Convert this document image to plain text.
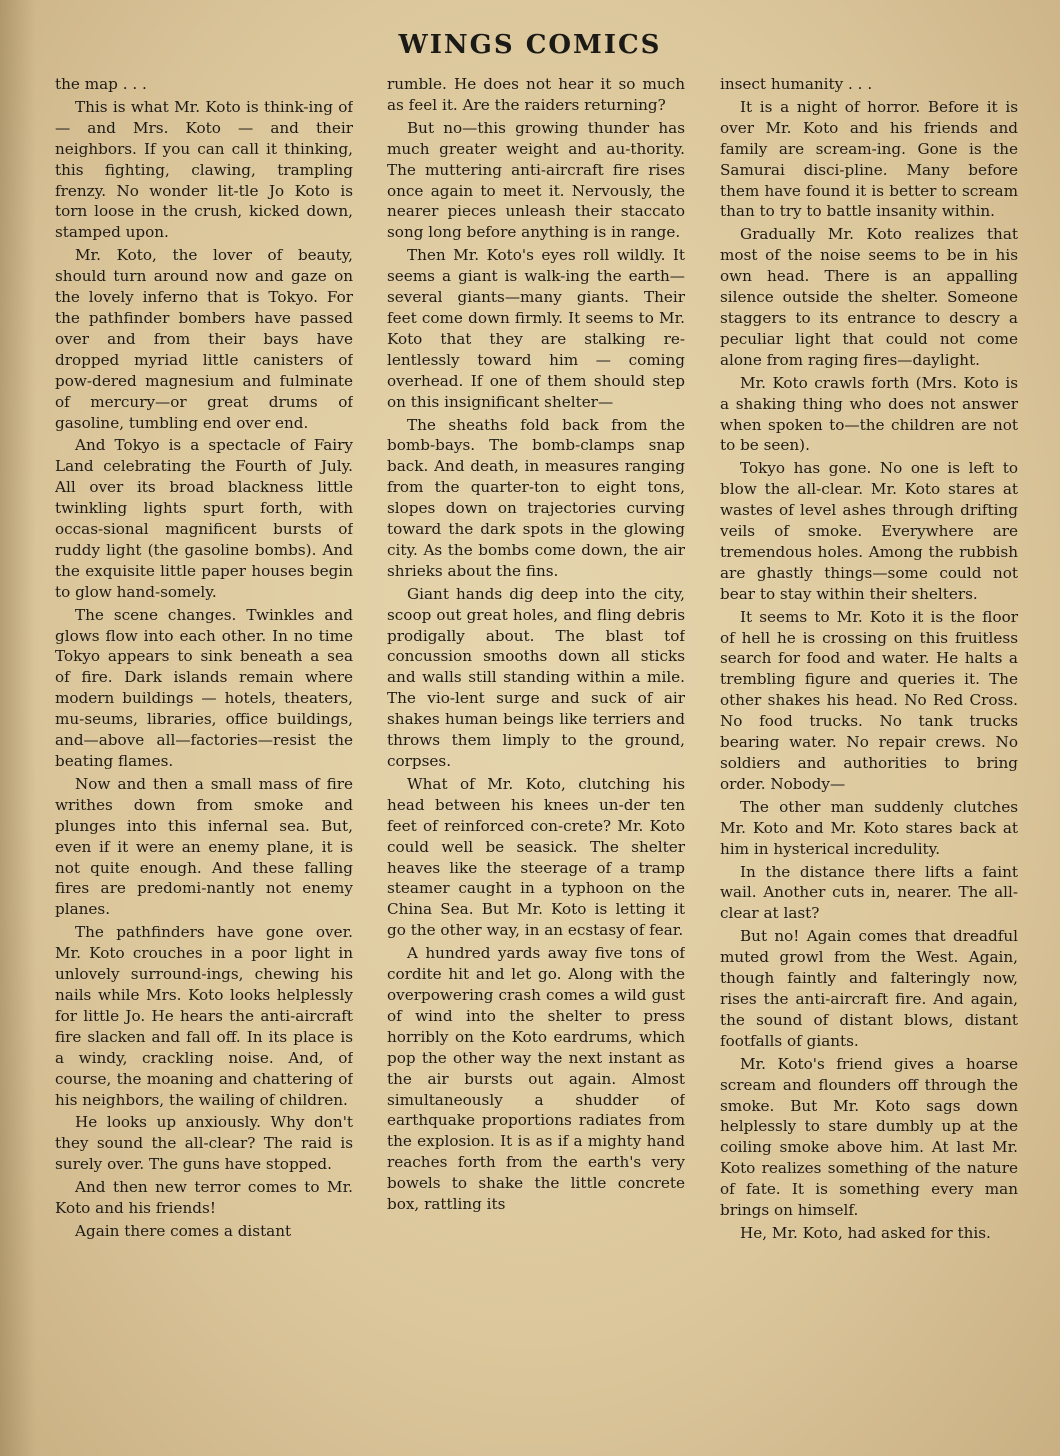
WINGS COMICS

the map . . .

This is what Mr. Koto is think-ing of — and Mrs. Koto — and their neighbors. If you can call it thinking, this fighting, clawing, trampling frenzy. No wonder lit-tle Jo Koto is torn loose in the crush, kicked down, stamped upon.

Mr. Koto, the lover of beauty, should turn around now and gaze on the lovely inferno that is Tokyo. For the pathfinder bombers have passed over and from their bays have dropped myriad little canisters of pow-dered magnesium and fulminate of mercury—or great drums of gasoline, tumbling end over end.

And Tokyo is a spectacle of Fairy Land celebrating the Fourth of July. All over its broad blackness little twinkling lights spurt forth, with occas-sional magnificent bursts of ruddy light (the gasoline bombs). And the exquisite little paper houses begin to glow hand-somely.

The scene changes. Twinkles and glows flow into each other. In no time Tokyo appears to sink beneath a sea of fire. Dark islands remain where modern buildings — hotels, theaters, mu-seums, libraries, office buildings, and—above all—factories—resist the beating flames.

Now and then a small mass of fire writhes down from smoke and plunges into this infernal sea. But, even if it were an enemy plane, it is not quite enough. And these falling fires are predomi-nantly not enemy planes.

The pathfinders have gone over. Mr. Koto crouches in a poor light in unlovely surround-ings, chewing his nails while Mrs. Koto looks helplessly for little Jo. He hears the anti-aircraft fire slacken and fall off. In its place is a windy, crackling noise. And, of course, the moaning and chattering of his neighbors, the wailing of children.

He looks up anxiously. Why don't they sound the all-clear? The raid is surely over. The guns have stopped.

And then new terror comes to Mr. Koto and his friends!

Again there comes a distant

rumble. He does not hear it so much as feel it. Are the raiders returning?

But no—this growing thunder has much greater weight and au-thority. The muttering anti-aircraft fire rises once again to meet it. Nervously, the nearer pieces unleash their staccato song long before anything is in range.

Then Mr. Koto's eyes roll wildly. It seems a giant is walk-ing the earth—several giants—many giants. Their feet come down firmly. It seems to Mr. Koto that they are stalking re-lentlessly toward him — coming overhead. If one of them should step on this insignificant shelter—

The sheaths fold back from the bomb-bays. The bomb-clamps snap back. And death, in measures ranging from the quarter-ton to eight tons, slopes down on trajectories curving toward the dark spots in the glowing city. As the bombs come down, the air shrieks about the fins.

Giant hands dig deep into the city, scoop out great holes, and fling debris prodigally about. The blast tof concussion smooths down all sticks and walls still standing within a mile. The vio-lent surge and suck of air shakes human beings like terriers and throws them limply to the ground, corpses.

What of Mr. Koto, clutching his head between his knees un-der ten feet of reinforced con-crete? Mr. Koto could well be seasick. The shelter heaves like the steerage of a tramp steamer caught in a typhoon on the China Sea. But Mr. Koto is letting it go the other way, in an ecstasy of fear.

A hundred yards away five tons of cordite hit and let go. Along with the overpowering crash comes a wild gust of wind into the shelter to press horribly on the Koto eardrums, which pop the other way the next instant as the air bursts out again. Almost simultaneously a shudder of earthquake proportions radiates from the explosion. It is as if a mighty hand reaches forth from the earth's very bowels to shake the little concrete box, rattling its

insect humanity . . .

It is a night of horror. Before it is over Mr. Koto and his friends and family are scream-ing. Gone is the Samurai disci-pline. Many before them have found it is better to scream than to try to battle insanity within.

Gradually Mr. Koto realizes that most of the noise seems to be in his own head. There is an appalling silence outside the shelter. Someone staggers to its entrance to descry a peculiar light that could not come alone from raging fires—daylight.

Mr. Koto crawls forth (Mrs. Koto is a shaking thing who does not answer when spoken to—the children are not to be seen).

Tokyo has gone. No one is left to blow the all-clear. Mr. Koto stares at wastes of level ashes through drifting veils of smoke. Everywhere are tremendous holes. Among the rubbish are ghastly things—some could not bear to stay within their shelters.

It seems to Mr. Koto it is the floor of hell he is crossing on this fruitless search for food and water. He halts a trembling figure and queries it. The other shakes his head. No Red Cross. No food trucks. No tank trucks bearing water. No repair crews. No soldiers and authorities to bring order. Nobody—

The other man suddenly clutches Mr. Koto and Mr. Koto stares back at him in hysterical incredulity.

In the distance there lifts a faint wail. Another cuts in, nearer. The all-clear at last?

But no! Again comes that dreadful muted growl from the West. Again, though faintly and falteringly now, rises the anti-aircraft fire. And again, the sound of distant blows, distant footfalls of giants.

Mr. Koto's friend gives a hoarse scream and flounders off through the smoke. But Mr. Koto sags down helplessly to stare dumbly up at the coiling smoke above him. At last Mr. Koto realizes something of the nature of fate. It is something every man brings on himself.

He, Mr. Koto, had asked for this.
